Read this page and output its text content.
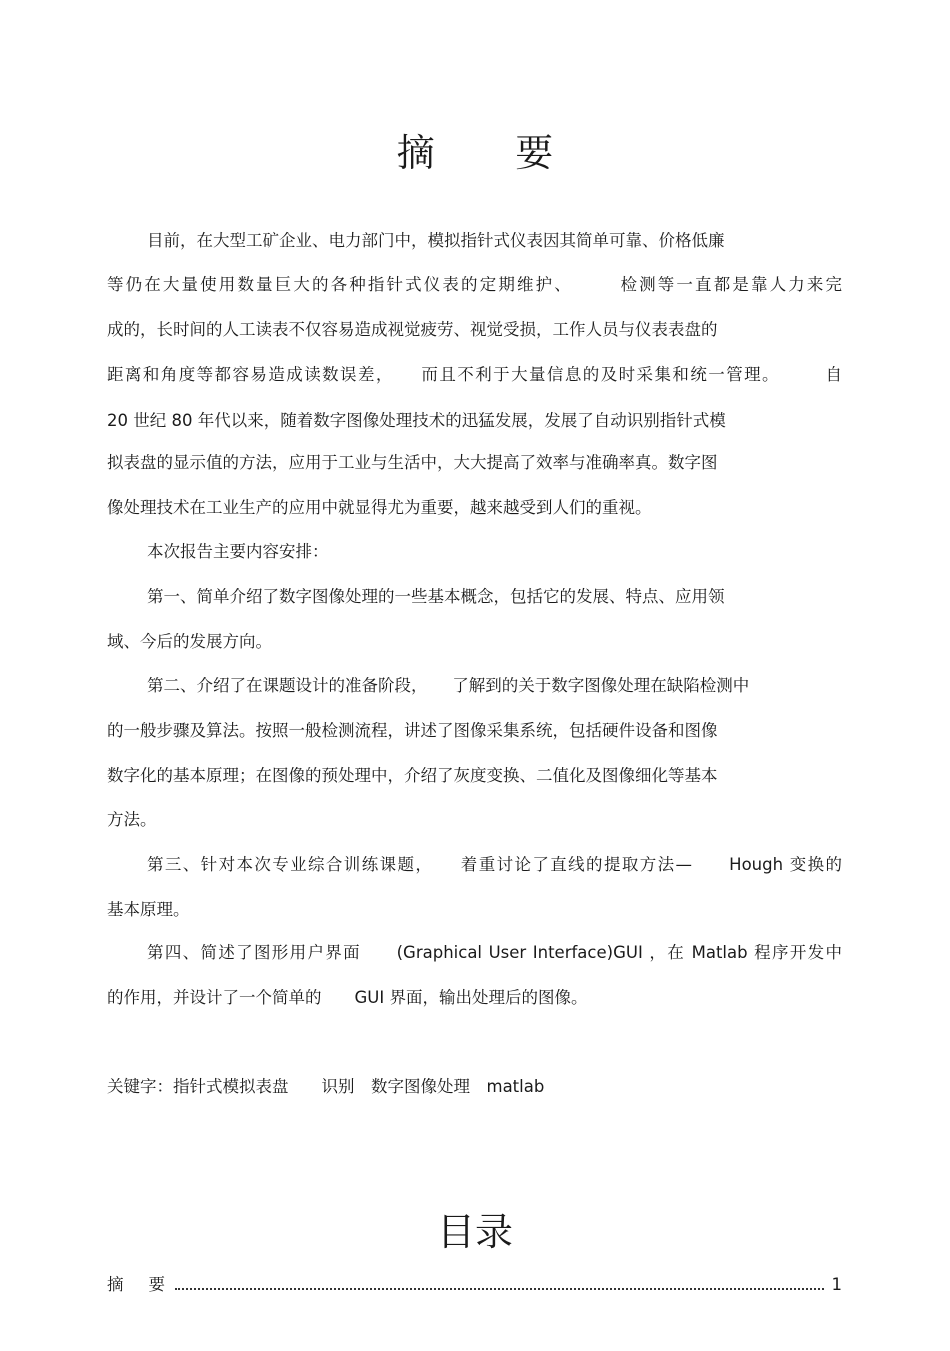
摘 要
目前，在大型工矿企业、电力部门中，模拟指针式仪表因其简单可靠、价格低廉
等仍在大量使用数量巨大的各种指针式仪表的定期维护、　　　检测等一直都是靠人力来完
成的，长时间的人工读表不仅容易造成视觉疲劳、视觉受损，工作人员与仪表表盘的
距离和角度等都容易造成读数误差，　　而且不利于大量信息的及时采集和统一管理。　　　自
20 世纪 80 年代以来，随着数字图像处理技术的迅猛发展，发展了自动识别指针式模
拟表盘的显示值的方法，应用于工业与生活中，大大提高了效率与准确率真。数字图
像处理技术在工业生产的应用中就显得尤为重要，越来越受到人们的重视。
本次报告主要内容安排：
第一、简单介绍了数字图像处理的一些基本概念，包括它的发展、特点、应用领
域、今后的发展方向。
第二、介绍了在课题设计的准备阶段，　　了解到的关于数字图像处理在缺陷检测中
的一般步骤及算法。按照一般检测流程，讲述了图像采集系统，包括硬件设备和图像
数字化的基本原理；在图像的预处理中，介绍了灰度变换、二值化及图像细化等基本
方法。
第三、针对本次专业综合训练课题，　　着重讨论了直线的提取方法—　　Hough 变换的
基本原理。
第四、简述了图形用户界面　　(Graphical User Interface)GUI ，在 Matlab 程序开发中
的作用，并设计了一个简单的　　GUI 界面，输出处理后的图像。
关键字：指针式模拟表盘　　识别　数字图像处理　matlab
目录
摘 要	1
